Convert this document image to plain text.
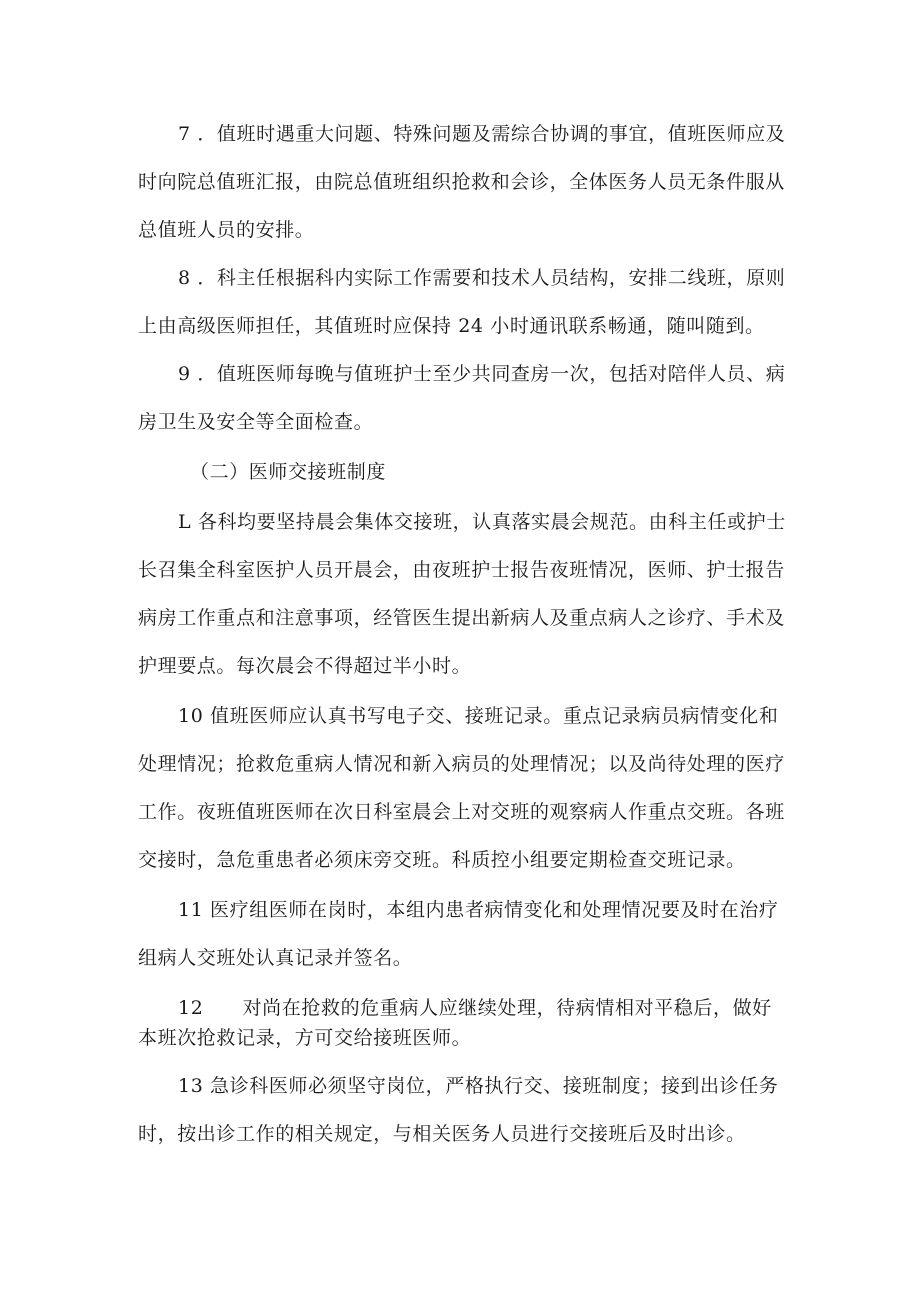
7 ．值班时遇重大问题、特殊问题及需综合协调的事宜，值班医师应及
时向院总值班汇报，由院总值班组织抢救和会诊，全体医务人员无条件服从
总值班人员的安排。
8 ．科主任根据科内实际工作需要和技术人员结构，安排二线班，原则
上由高级医师担任，其值班时应保持 24 小时通讯联系畅通，随叫随到。
9 ．值班医师每晚与值班护士至少共同查房一次，包括对陪伴人员、病
房卫生及安全等全面检查。
（二）医师交接班制度
L 各科均要坚持晨会集体交接班，认真落实晨会规范。由科主任或护士
长召集全科室医护人员开晨会，由夜班护士报告夜班情况，医师、护士报告
病房工作重点和注意事项，经管医生提出新病人及重点病人之诊疗、手术及
护理要点。每次晨会不得超过半小时。
10 值班医师应认真书写电子交、接班记录。重点记录病员病情变化和
处理情况；抢救危重病人情况和新入病员的处理情况；以及尚待处理的医疗
工作。夜班值班医师在次日科室晨会上对交班的观察病人作重点交班。各班
交接时，急危重患者必须床旁交班。科质控小组要定期检查交班记录。
11 医疗组医师在岗时，本组内患者病情变化和处理情况要及时在治疗
组病人交班处认真记录并签名。
12　　对尚在抢救的危重病人应继续处理，待病情相对平稳后，做好
本班次抢救记录，方可交给接班医师。
13 急诊科医师必须坚守岗位，严格执行交、接班制度；接到出诊任务
时，按出诊工作的相关规定，与相关医务人员进行交接班后及时出诊。
